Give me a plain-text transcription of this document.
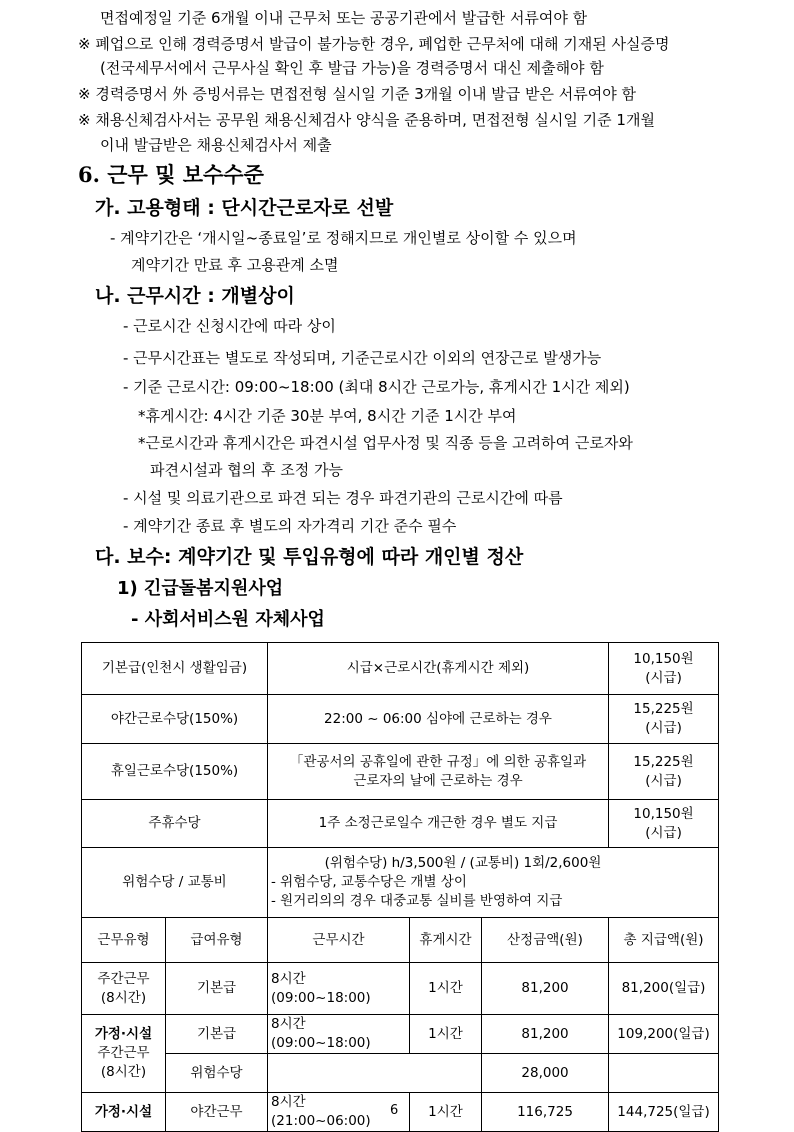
면접예정일 기준 6개월 이내 근무처 또는 공공기관에서 발급한 서류여야 함
※ 폐업으로 인해 경력증명서 발급이 불가능한 경우, 폐업한 근무처에 대해 기재된 사실증명
(전국세무서에서 근무사실 확인 후 발급 가능)을 경력증명서 대신 제출해야 함
※ 경력증명서 外 증빙서류는 면접전형 실시일 기준 3개월 이내 발급 받은 서류여야 함
※ 채용신체검사서는 공무원 채용신체검사 양식을 준용하며, 면접전형 실시일 기준 1개월
이내 발급받은 채용신체검사서 제출
6. 근무 및 보수수준
가. 고용형태 : 단시간근로자로 선발
- 계약기간은 ‘개시일~종료일’로 정해지므로 개인별로 상이할 수 있으며
계약기간 만료 후 고용관계 소멸
나. 근무시간 : 개별상이
- 근로시간 신청시간에 따라 상이
- 근무시간표는 별도로 작성되며, 기준근로시간 이외의 연장근로 발생가능
- 기준 근로시간: 09:00~18:00 (최대 8시간 근로가능, 휴게시간 1시간 제외)
*휴게시간: 4시간 기준 30분 부여, 8시간 기준 1시간 부여
*근로시간과 휴게시간은 파견시설 업무사정 및 직종 등을 고려하여 근로자와
파견시설과 협의 후 조정 가능
- 시설 및 의료기관으로 파견 되는 경우 파견기관의 근로시간에 따름
- 계약기간 종료 후 별도의 자가격리 기간 준수 필수
다. 보수: 계약기간 및 투입유형에 따라 개인별 정산
1) 긴급돌봄지원사업
- 사회서비스원 자체사업
기본급(인천시 생활임금)		시급×근로시간(휴게시간 제외)			10,150원
(시급)
야간근로수당(150%)		22:00 ~ 06:00 심야에 근로하는 경우			15,225원
(시급)
휴일근로수당(150%)		「관공서의 공휴일에 관한 규정」에 의한 공휴일과
근로자의 날에 근로하는 경우			15,225원
(시급)
주휴수당		1주 소정근로일수 개근한 경우 별도 지급			10,150원
(시급)
위험수당 / 교통비		(위험수당) h/3,500원 / (교통비) 1회/2,600원
- 위험수당, 교통수당은 개별 상이
- 원거리의의 경우 대중교통 실비를 반영하여 지급			

근무유형	급여유형	근무시간	휴게시간	산정금액(원)	총 지급액(원)
주간근무
(8시간)	기본급	8시간 (09:00~18:00)	1시간	81,200	81,200(일급)
가정·시설
주간근무
(8시간)	기본급	8시간 (09:00~18:00)	1시간	81,200	109,200(일급)
	위험수당			28,000	
가정·시설	야간근무	8시간 (21:00~06:00)	1시간	116,725	144,725(일급)
6
